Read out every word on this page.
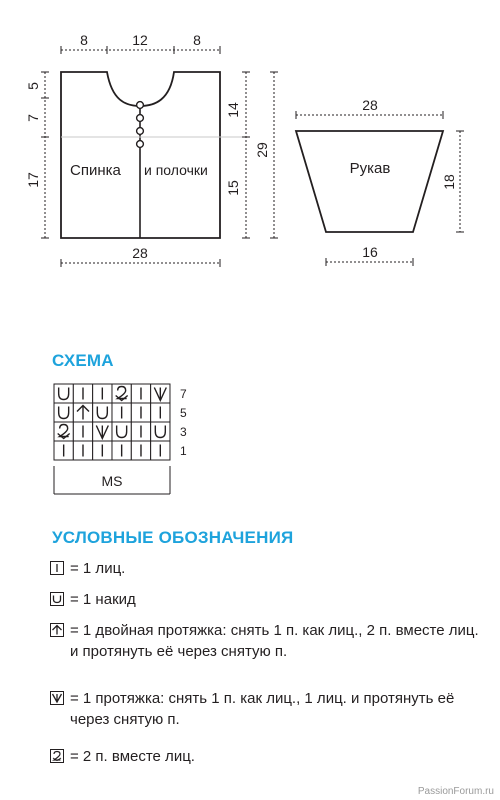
Спинка и полочки
8	12	8
5
7
17
14
15
29
28
Рукав
28
18
16
MS
7
5
3
1
СХЕМА
УСЛОВНЫЕ ОБОЗНАЧЕНИЯ
= 1 лиц.
= 1 накид
= 1 двойная протяжка: снять 1 п. как лиц., 2 п. вместе лиц. и протянуть её через снятую п.
= 1 протяжка: снять 1 п. как лиц., 1 лиц. и протянуть её через снятую п.
= 2 п. вместе лиц.
PassionForum.ru
